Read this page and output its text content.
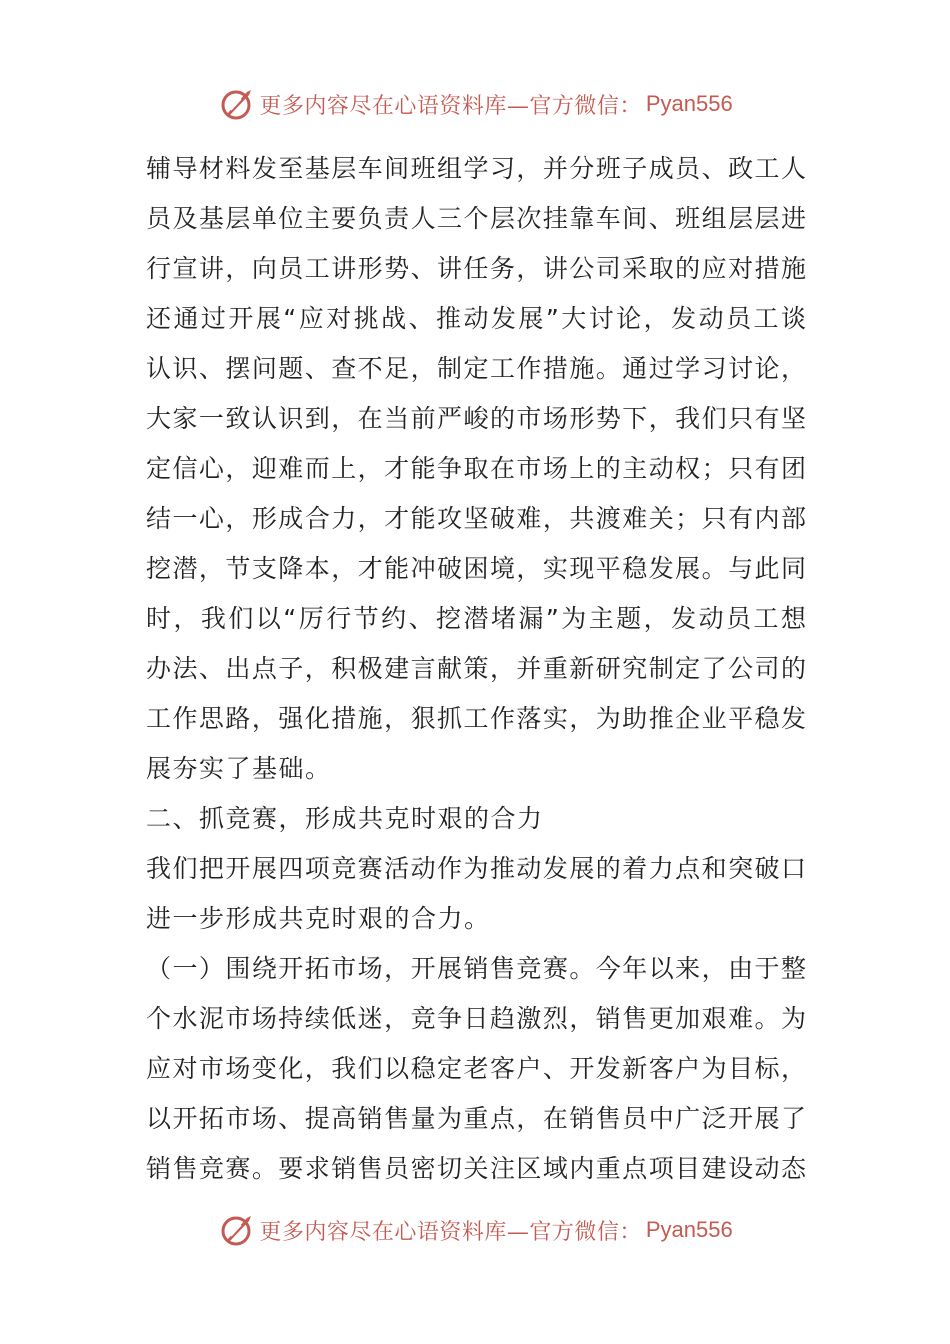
更多内容尽在心语资料库—官方微信： Pyan556
辅导材料发至基层车间班组学习，并分班子成员、政工人
员及基层单位主要负责人三个层次挂靠车间、班组层层进
行宣讲，向员工讲形势、讲任务，讲公司采取的应对措施
还通过开展“应对挑战、推动发展”大讨论，发动员工谈
认识、摆问题、查不足，制定工作措施。通过学习讨论，
大家一致认识到，在当前严峻的市场形势下，我们只有坚
定信心，迎难而上，才能争取在市场上的主动权；只有团
结一心，形成合力，才能攻坚破难，共渡难关；只有内部
挖潜，节支降本，才能冲破困境，实现平稳发展。与此同
时，我们以“厉行节约、挖潜堵漏”为主题，发动员工想
办法、出点子，积极建言献策，并重新研究制定了公司的
工作思路，强化措施，狠抓工作落实，为助推企业平稳发
展夯实了基础。
二、抓竞赛，形成共克时艰的合力
我们把开展四项竞赛活动作为推动发展的着力点和突破口
进一步形成共克时艰的合力。
（一）围绕开拓市场，开展销售竞赛。今年以来，由于整
个水泥市场持续低迷，竞争日趋激烈，销售更加艰难。为
应对市场变化，我们以稳定老客户、开发新客户为目标，
以开拓市场、提高销售量为重点，在销售员中广泛开展了
销售竞赛。要求销售员密切关注区域内重点项目建设动态
更多内容尽在心语资料库—官方微信： Pyan556
